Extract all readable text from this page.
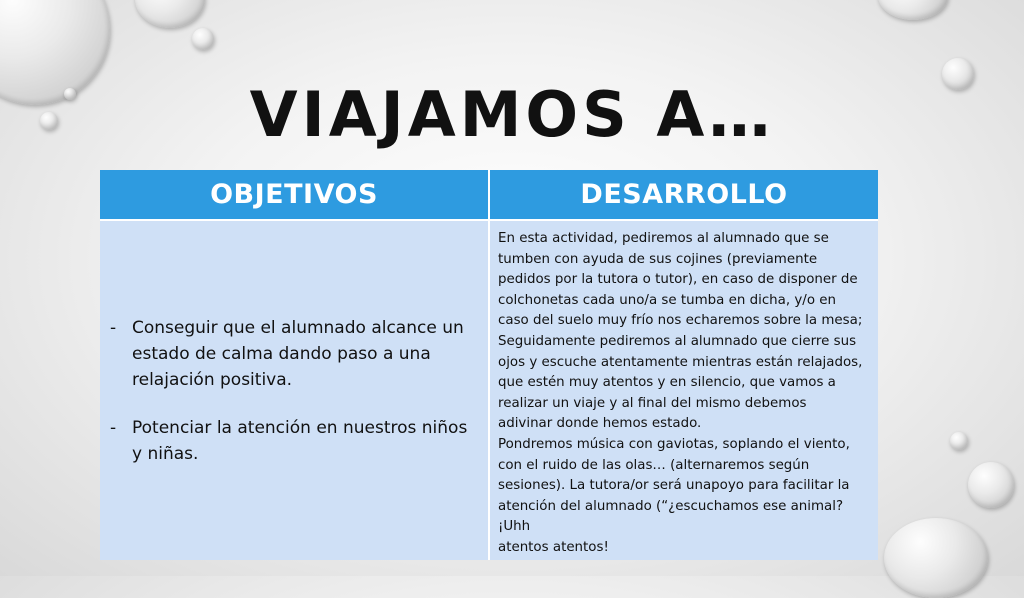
VIAJAMOS A…
OBJETIVOS	DESARROLLO

- Conseguir que el alumnado alcance un estado de calma dando paso a una relajación positiva.

- Potenciar la atención en nuestros niños y niñas.

En esta actividad, pediremos al alumnado que se
tumben con ayuda de sus cojines (previamente
pedidos por la tutora o tutor), en caso de disponer de
colchonetas cada uno/a se tumba en dicha, y/o en
caso del suelo muy frío nos echaremos sobre la mesa;
Seguidamente pediremos al alumnado que cierre sus
ojos y escuche atentamente mientras están relajados,
que estén muy atentos y en silencio, que vamos a
realizar un viaje y al final del mismo debemos
adivinar donde hemos estado.
Pondremos música con gaviotas, soplando el viento,
con el ruido de las olas… (alternaremos según
sesiones). La tutora/or será unapoyo para facilitar la
atención del alumnado (“¿escuchamos ese animal? ¡Uhh
atentos atentos!
